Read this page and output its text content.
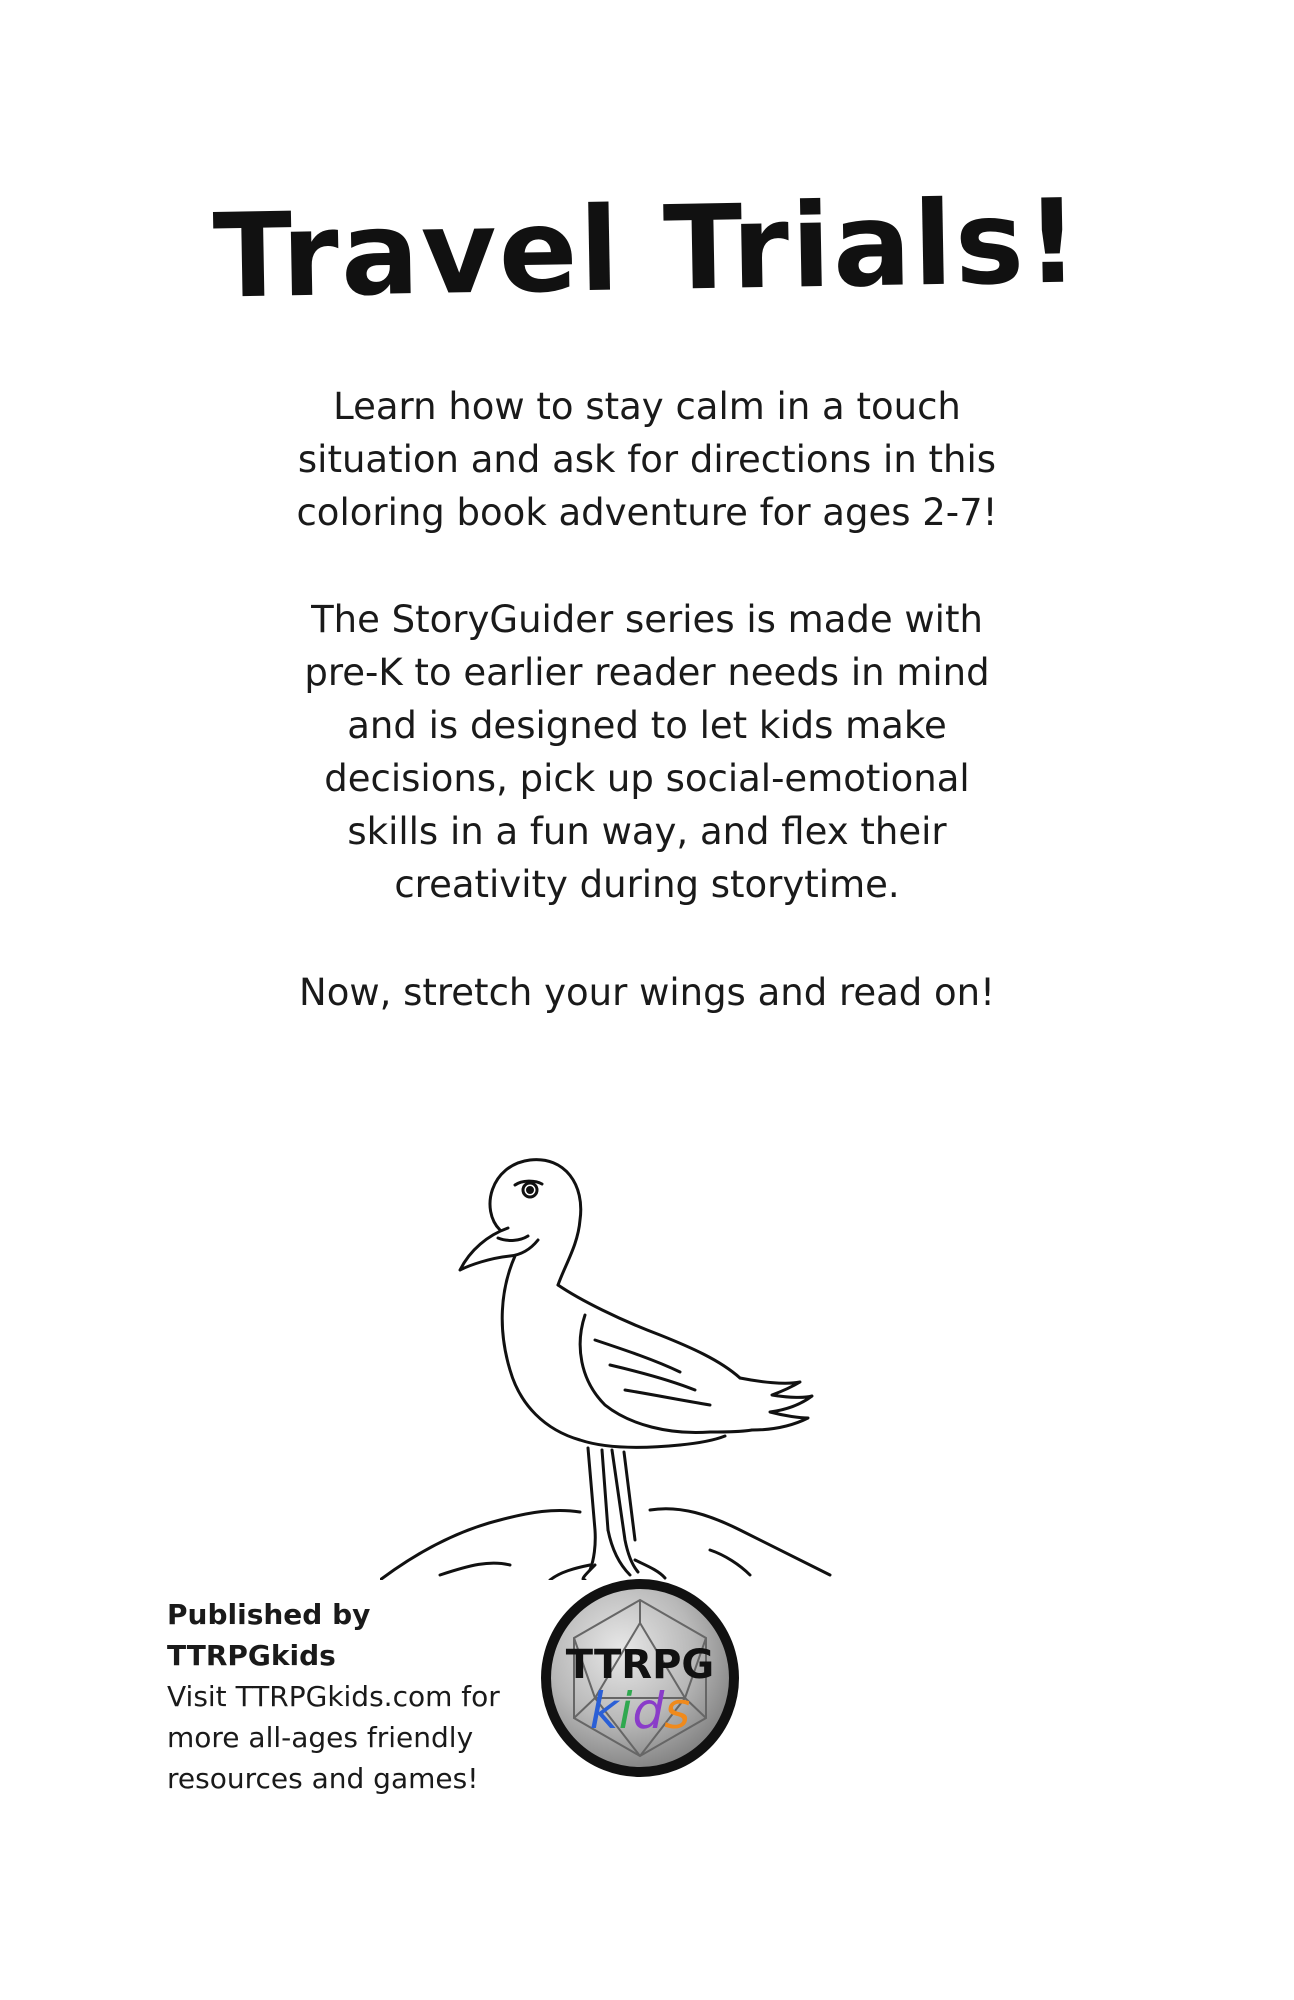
Travel Trials!
Learn how to stay calm in a touch
situation and ask for directions in this
coloring book adventure for ages 2-7!
The StoryGuider series is made with
pre-K to earlier reader needs in mind
and is designed to let kids make
decisions, pick up social-emotional
skills in a fun way, and flex their
creativity during storytime.
Now, stretch your wings and read on!
Published by TTRPGkids
Visit TTRPGkids.com for
more all-ages friendly
resources and games!
TTRPG
kids
